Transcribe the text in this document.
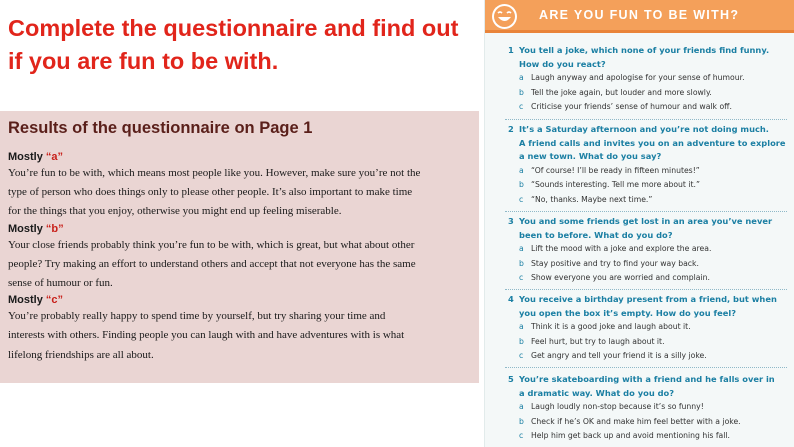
Complete the questionnaire and find out
if you are fun to be with.
Results of the questionnaire on Page 1
Mostly “a”
You’re fun to be with, which means most people like you. However, make sure you’re not the
type of person who does things only to please other people. It’s also important to make time
for the things that you enjoy, otherwise you might end up feeling miserable.
Mostly “b”
Your close friends probably think you’re fun to be with, which is great, but what about other
people? Try making an effort to understand others and accept that not everyone has the same
sense of humour or fun.
Mostly “c”
You’re probably really happy to spend time by yourself, but try sharing your time and
interests with others. Finding people you can laugh with and have adventures with is what
lifelong friendships are all about.
ARE YOU FUN TO BE WITH?
1 You tell a joke, which none of your friends find funny.
How do you react?
a Laugh anyway and apologise for your sense of humour.
b Tell the joke again, but louder and more slowly.
c Criticise your friends’ sense of humour and walk off.
2 It’s a Saturday afternoon and you’re not doing much.
A friend calls and invites you on an adventure to explore
a new town. What do you say?
a “Of course! I’ll be ready in fifteen minutes!”
b “Sounds interesting. Tell me more about it.”
c “No, thanks. Maybe next time.”
3 You and some friends get lost in an area you’ve never
been to before. What do you do?
a Lift the mood with a joke and explore the area.
b Stay positive and try to find your way back.
c Show everyone you are worried and complain.
4 You receive a birthday present from a friend, but when
you open the box it’s empty. How do you feel?
a Think it is a good joke and laugh about it.
b Feel hurt, but try to laugh about it.
c Get angry and tell your friend it is a silly joke.
5 You’re skateboarding with a friend and he falls over in
a dramatic way. What do you do?
a Laugh loudly non-stop because it’s so funny!
b Check if he’s OK and make him feel better with a joke.
c Help him get back up and avoid mentioning his fall.
